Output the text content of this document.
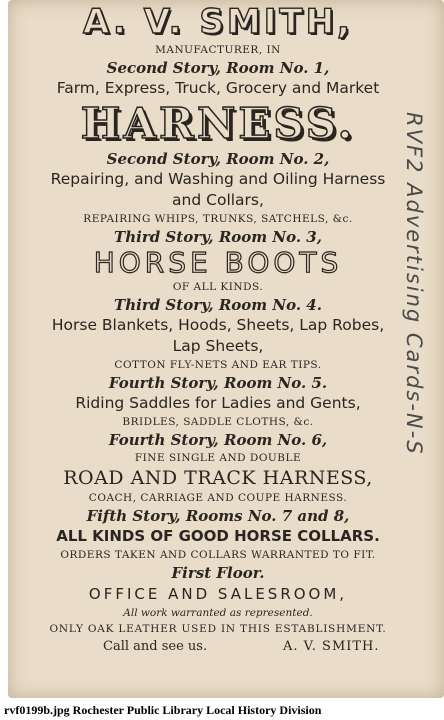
A. V. SMITH,
MANUFACTURER, IN
Second Story, Room No. 1,
Farm, Express, Truck, Grocery and Market
HARNESS.
Second Story, Room No. 2,
Repairing, and Washing and Oiling Harness
and Collars,
REPAIRING WHIPS, TRUNKS, SATCHELS, &c.
Third Story, Room No. 3,
HORSE BOOTS
OF ALL KINDS.
Third Story, Room No. 4.
Horse Blankets, Hoods, Sheets, Lap Robes,
Lap Sheets,
COTTON FLY-NETS AND EAR TIPS.
Fourth Story, Room No. 5.
Riding Saddles for Ladies and Gents,
BRIDLES, SADDLE CLOTHS, &c.
Fourth Story, Room No. 6,
FINE SINGLE AND DOUBLE
ROAD AND TRACK HARNESS,
COACH, CARRIAGE AND COUPE HARNESS.
Fifth Story, Rooms No. 7 and 8,
ALL KINDS OF GOOD HORSE COLLARS.
ORDERS TAKEN AND COLLARS WARRANTED TO FIT.
First Floor.
OFFICE AND SALESROOM,
All work warranted as represented.
ONLY OAK LEATHER USED IN THIS ESTABLISHMENT.
Call and see us.	A. V. SMITH.
RVF2 Advertising Cards-N-S
rvf0199b.jpg Rochester Public Library Local History Division
